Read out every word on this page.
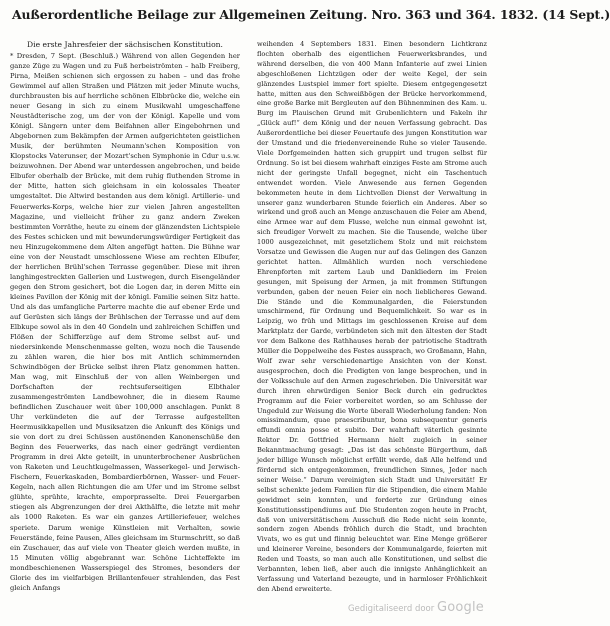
Außerordentliche Beilage zur Allgemeinen Zeitung. Nro. 363 und 364. 1832. (14 Sept.)
Die erste Jahresfeier der sächsischen Konstitution.

* Dresden, 7 Sept. (Beschluß.) Während von allen Gegenden her ganze Züge zu Wagen und zu Fuß herbeiströmten – halb Freiberg, Pirna, Meißen schienen sich ergossen zu haben – und das frohe Gewimmel auf allen Straßen und Plätzen mit jeder Minute wuchs, durchbrausten bis auf herrliche schönen Elbbrücke die, welche ein neuer Gesang in sich zu einem Musikwahl umgeschaffene Neustädterische zog, um der von der Königl. Kapelle und vom Königl. Sängern unter dem Beifahnen aller Eingebohrnen und Abgebornen zum Bekämpfen der Armen aufgerichteten geistlichen Musik, der berühmten Neumann'schen Komposition von Klopstocks Vaterunser, der Mozart'schen Symphonie in Cdur u.s.w. beizuwohnen. Der Abend war unterdessen angebrochen, und beide Elbufer oberhalb der Brücke, mit dem ruhig fluthenden Strome in der Mitte, hatten sich gleichsam in ein kolossales Theater umgestaltet. Die Altwird bestanden aus dem königl. Artillerie- und Feuerwerks-Korps, welche hier zur vielen Jahren angestellten Magazine, und vielleicht früher zu ganz andern Zweken bestimmten Vorräthe, heute zu einem der glänzendsten Lichtspiele des Festes schicken und mit bewunderungswürdiger Fertigkeit das neu Hinzugekommene dem Alten angefügt hatten. Die Bühne war eine von der Neustadt umschlossene Wiese am rechten Elbufer, der herrlichen Brühl'schen Terrasse gegenüber. Diese mit ihren langhingestreckten Gallerien und Lustwegen, durch Eisengeländer gegen den Strom gesichert, bot die Logen dar, in deren Mitte ein kleines Pavillon der König mit der königl. Familie seinen Sitz hatte. Und als das umfangliche Parterre machte die auf ebener Erde und auf Gerüsten sich längs der Brühlschen der Terrasse und auf dem Elbkupe sowol als in den 40 Gondeln und zahlreichen Schiffen und Flößen der Schifferzüge auf dem Strome selbst auf- und niedersinkende Menschenmasse gelten, wozu noch die Tausende zu zählen waren, die hier bos mit Antlich schimmernden Schwindbögen der Brücke selbst ihren Platz genommen hatten. Man wag, mit Einschluß der von allen Weinbergen und Dorfschaften der rechtsuferseitigen Elbthaler zusammengeströmten Landbewohner, die in diesem Raume befindlichen Zuschauer weit über 100,000 anschlagen. Punkt 8 Uhr verkündeten die auf der Terrasse aufgestellten Heermusikkapellen und Musiksatzen die Ankunft des Königs und sie von dort zu drei Schüssen austönenden Kanonenschüße den Beginn des Feuerwerks, das nach einer gedrängt verdienten Programm in drei Akte geteilt, in ununterbrochener Ausbrüchen von Raketen und Leuchtkugelmassen, Wasserkegel- und Jerwisch-Fischern, Feuerkaskaden, Bombardierbörnen, Wasser- und Feuer-Kegeln, nach allen Richtungen die am Ufer und im Strome selbst glühte, sprühte, krachte, emporprasselte. Drei Feuergarben stiegen als Abgrenzungen der drei Akthälfte, die letzte mit mehr als 1000 Raketen. Es war ein ganzes Artilleriefeuer, welches speriete. Darum wenige Künstleien mit Verhalten, sowie Feuerstände, feine Pausen, Alles gleichsam im Sturmschritt, so daß ein Zuschauer, das auf viele von Theater gleich werden mußte, in 15 Minuten völlig abgebrannt war. Schöne Lichteffekte im mondbeschienenen Wasserspiegel des Stromes, besonders der Glorie des im vielfarbigen Brillantenfeuer strahlenden, das Fest gleich Anfangs

weihenden 4 Septembers 1831. Einen besondern Lichtkranz flochten oberhalb des eigentlichen Feuerwerksbrandes, und während derselben, die von 400 Mann Infanterie auf zwei Linien abgeschloßenen Lichtzügen oder der weite Kegel, der sein glänzendes Lustspiel immer fort spielte. Diesem entgegengesetzt hatte, mitten aus den Schweißbögen der Brücke hervorkommend, eine große Barke mit Bergleuten auf den Bühnenminen des Kam. u. Burg im Plauischen Grund mit Grubenlichtern und Fakeln ihr „Glück auf!“ dem König und der neuen Verfassung gebracht. Das Außerordentliche bei dieser Feuertaufe des jungen Konstitution war der Umstand und die friedenvereinende Ruhe so vieler Tausende. Viele Dorfgemeinden hatten sich gruppirt und trugen selbst für Ordnung. So ist bei diesem wahrhaft einziges Feste am Strome auch nicht der geringste Unfall begegnet, nicht ein Taschentuch entwendet worden. Viele Anwesende aus fernen Gegenden bekommeten heute in dem Lichtvollen Dienst der Verwaltung in unserer ganz wunderbaren Stunde feierlich ein Anderes. Aber so wirkend und groß auch an Menge anzuschauen die Feier am Abend, eine Armee war auf dem Flusse, welche nun einmal gewohnt ist, sich freudiger Vorwelt zu machen. Sie die Tausende, welche über 1000 ausgezeichnet, mit gesetzlichem Stolz und mit reichstem Vorsatze und Gewissen die Augen nur auf das Gelingen des Ganzen gerichtet hatten. Allmählich wurden noch verschiedene Ehrenpforten mit zartem Laub und Dankliedern im Freien gesungen, mit Speisung der Armen, ja mit frommen Stiftungen verbunden, gaben der neuen Feier ein noch lieblicheres Gewand. Die Stände und die Kommunalgarden, die Feierstunden umschirmend, für Ordnung und Bequemlichkeit. So war es in Leipzig, wo früh und Mittags im geschlossenen Kreise auf dem Marktplatz der Garde, verbündeten sich mit den ältesten der Stadt vor dem Balkone des Rathhauses herab der patriotische Stadtrath Müller die Doppelweihe des Festes aussprach, wo Großmann, Hahn, Wolf zwar sehr verschiedenartige Ansichten von der Konst. ausgesprochen, doch die Predigten von lange besprochen, und in der Volksschule auf den Armen zugeschrieben. Die Universität war durch ihren ehrwürdigen Senior Beck durch ein gedrucktes Programm auf die Feier vorbereitet worden, so am Schlusse der Ungeduld zur Weisung die Worte überall Wiederholung fanden: Non omissimandum, quae praescribuntur, bona subsequentur generis effundi omnia posse et subito. Der wahrhaft väterlich gesinnte Rektor Dr. Gottfried Hermann hielt zugleich in seiner Bekanntmachung gesagt: „Das ist das schönste Bürgerthum, daß jeder billige Wunsch möglichst erfüllt werde, daß Alle helfend und fördernd sich entgegenkommen, freundlichen Sinnes, Jeder nach seiner Weise.“ Darum vereinigten sich Stadt und Universität! Er selbst schenkte jedem Familien für die Stipendien, die einem Mahle gewidmet sein konnten, und forderte zur Gründung eines Konstitutionsstipendiums auf. Die Studenten zogen heute in Pracht, daß von universitätischem Ausschuß die Rede nicht sein konnte, sondern zogen Abends fröhlich durch die Stadt, und brachten Vivats, wo es gut und flinnig beleuchtet war. Eine Menge größerer und kleinerer Vereine, besonders der Kommunalgarde, feierten mit Reden und Toasts, so man auch alle Konstitutionen, und selbst die Verbannten, leben ließ, aber auch die innigste Anhänglichkeit an Verfassung und Vaterland bezeugte, und in harmloser Fröhlichkeit den Abend erweiterte.

Gedigitaliseerd door Google
